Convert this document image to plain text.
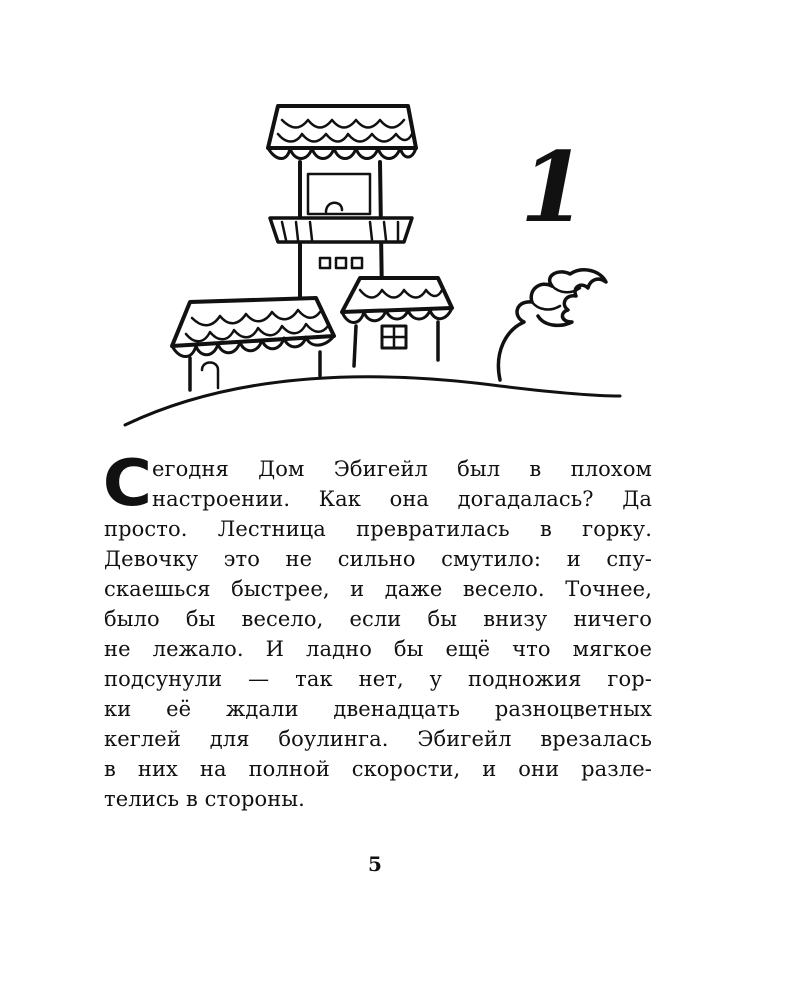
1
С егодня Дом Эбигейл был в плохом
настроении. Как она догадалась? Да
просто. Лестница превратилась в горку.
Девочку это не сильно смутило: и спу-
скаешься быстрее, и даже весело. Точнее,
было бы весело, если бы внизу ничего
не лежало. И ладно бы ещё что мягкое
подсунули — так нет, у подножия гор-
ки её ждали двенадцать разноцветных
кеглей для боулинга. Эбигейл врезалась
в них на полной скорости, и они разле-
телись в стороны.
5
